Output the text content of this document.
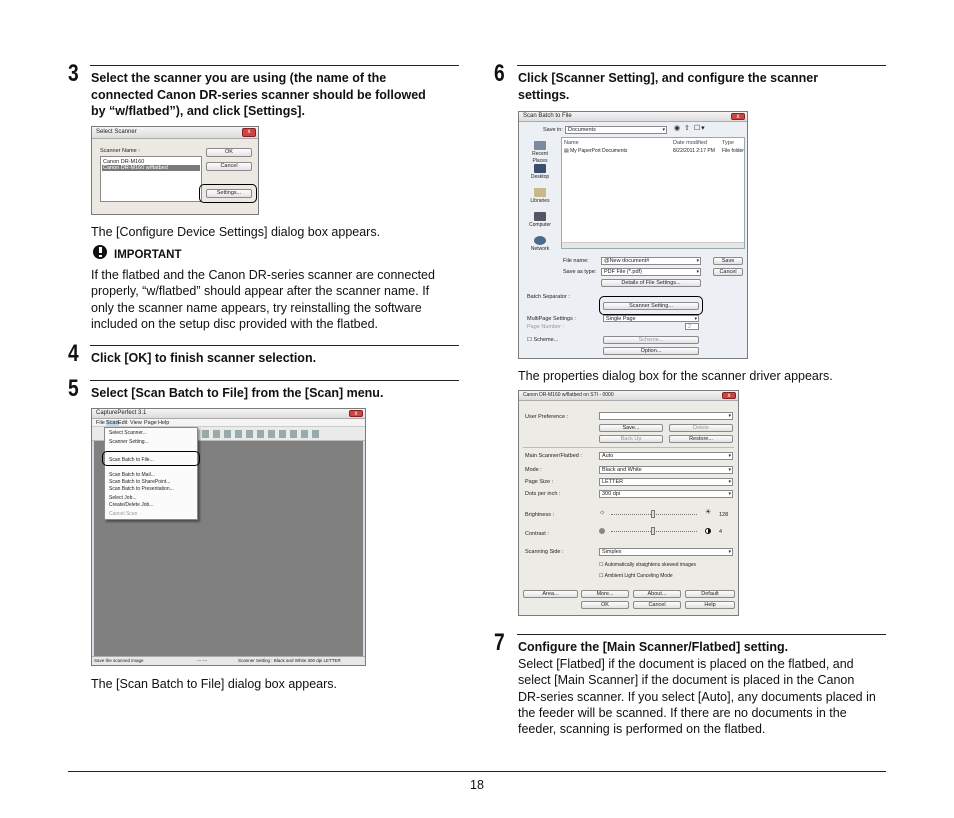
3 Select the scanner you are using (the name of the
connected Canon DR-series scanner should be followed
by “w/flatbed”), and click [Settings].
Select Scanner	x
Scanner Name :
Canon DR-M160
Canon DR-M160 w/flatbed
OK
Cancel
Settings...
The [Configure Device Settings] dialog box appears.
IMPORTANT
If the flatbed and the Canon DR-series scanner are connected
properly, “w/flatbed” should appear after the scanner name. If
only the scanner name appears, try reinstalling the software
included on the setup disc provided with the flatbed.
4 Click [OK] to finish scanner selection.
5 Select [Scan Batch to File] from the [Scan] menu.
CapturePerfect 3.1	x
File Scan Edit View Page Help
Select Scanner...
Scanner Setting...
Scan Batch to File...
Scan Batch to Mail...
Scan Batch to SharePoint...
Scan Batch to Presentation...
Select Job...
Create/Delete Job...
Cancel Scan
Save the scanned image	--- ---	Scanner Setting : Black and White 300 dpi LETTER
The [Scan Batch to File] dialog box appears.
6 Click [Scanner Setting], and configure the scanner
settings.
Scan Batch to File	x
Save in: Documents	▾ ◉ ⇧ ☐▾
Recent Places
Desktop
Libraries
Computer
Network
Name	Date modified	Type
▤ My PaperPort Documents	8/22/2011 2:17 PM File folder
File name:	@New document#	▾
Save as type:	PDF File (*.pdf)	▾
Save
Cancel
Details of File Settings...
Batch Separator :
Scanner Setting...
MultiPage Settings :	Single Page	▾
Page Number :	2
☐ Scheme...	Scheme...
Option...
The properties dialog box for the scanner driver appears.
Canon DR-M160 w/flatbed on STI - 0000	x
User Preference :	▾
Save...	Delete
Back Up	Restore...
Main Scanner/Flatbed :	Auto	▾
Mode :	Black and White	▾
Page Size :	LETTER	▾
Dots per inch :	300 dpi	▾
Brightness :	☼	☀ 128
Contrast :	4
Scanning Side :	Simplex	▾
☐ Automatically straightens skewed images
☐ Ambient Light Canceling Mode
Area...	More...	About...	Default
OK	Cancel	Help
7 Configure the [Main Scanner/Flatbed] setting.
Select [Flatbed] if the document is placed on the flatbed, and
select [Main Scanner] if the document is placed in the Canon
DR-series scanner. If you select [Auto], any documents placed in
the feeder will be scanned. If there are no documents in the
feeder, scanning is performed on the flatbed.
18
